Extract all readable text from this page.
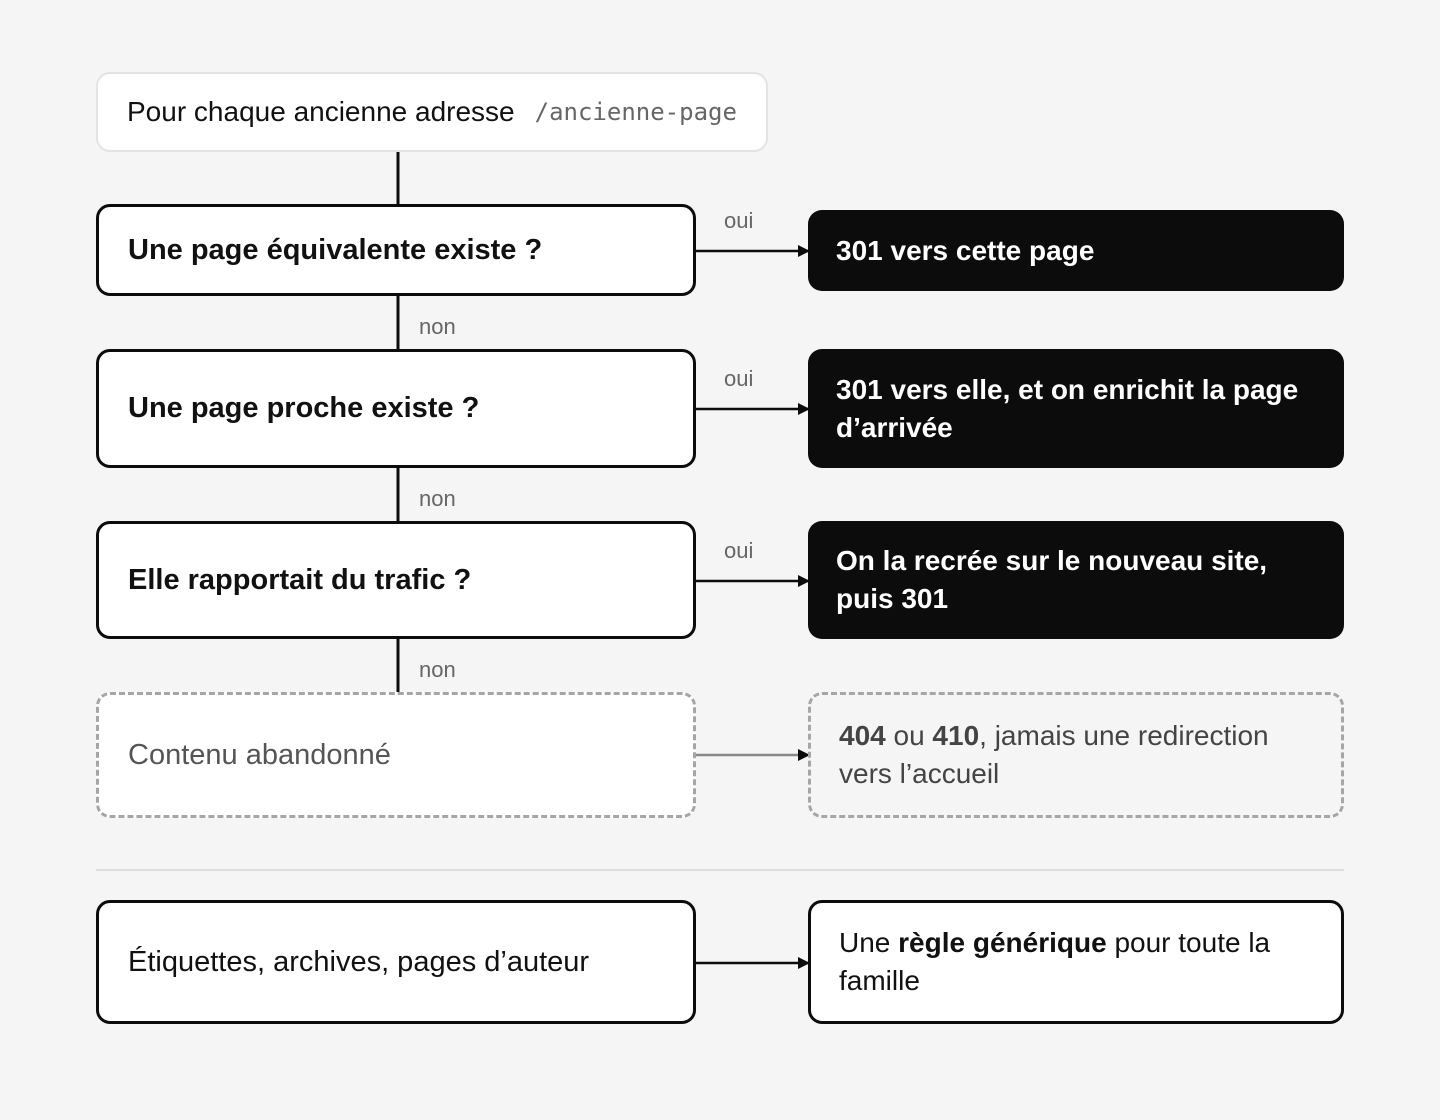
Pour chaque ancienne adresse /ancienne-page
Une page équivalente existe ?
Une page proche existe ?
Elle rapportait du trafic ?
Contenu abandonné
301 vers cette page
301 vers elle, et on enrichit la page d’arrivée
On la recrée sur le nouveau site, puis 301
404 ou 410, jamais une redirection vers l’accueil
oui
oui
oui
non
non
non
Étiquettes, archives, pages d’auteur
Une règle générique pour toute la famille
